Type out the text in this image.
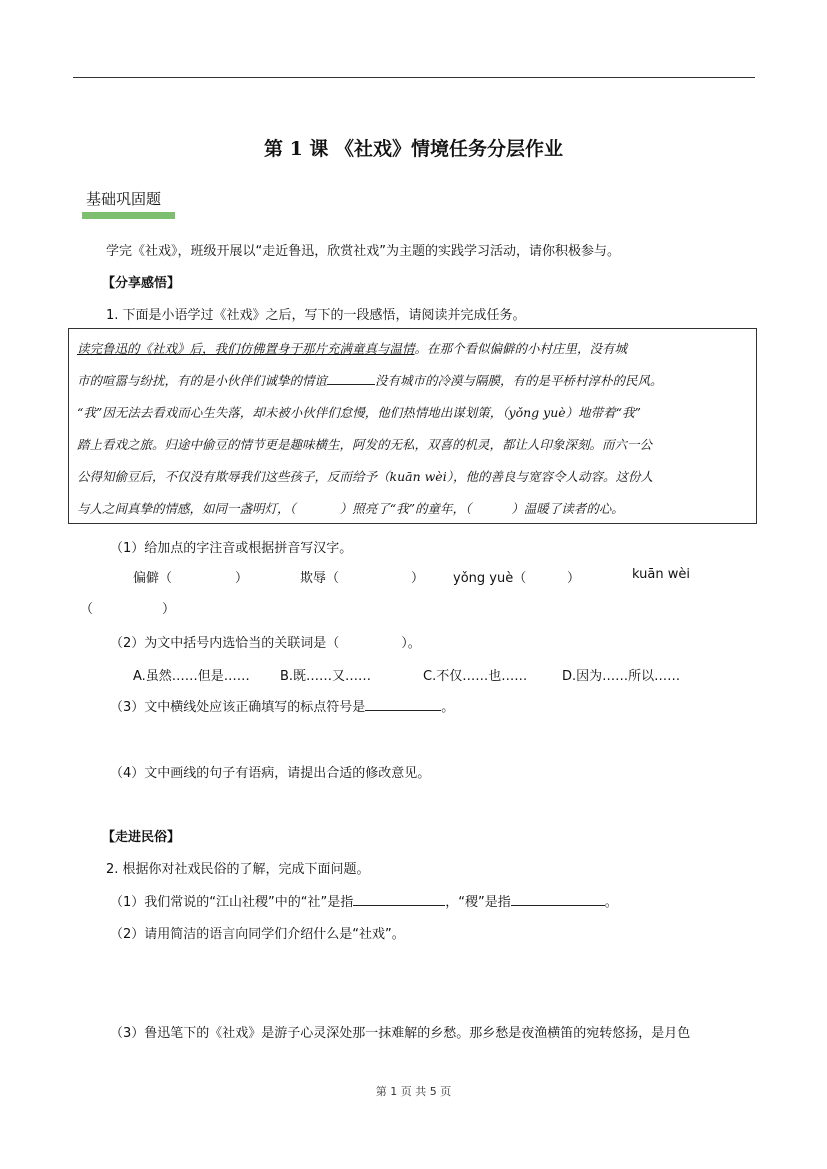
第 1 课 《社戏》情境任务分层作业
基础巩固题
学完《社戏》，班级开展以“走近鲁迅，欣赏社戏”为主题的实践学习活动，请你积极参与。
【分享感悟】
1. 下面是小语学过《社戏》之后，写下的一段感悟，请阅读并完成任务。
读完鲁迅的《社戏》后，我们仿佛置身于那片充满童真与温情。在那个看似偏僻的小村庄里，没有城
市的喧嚣与纷扰，有的是小伙伴们诚挚的情谊	没有城市的冷漠与隔膜，有的是平桥村淳朴的民风。
“我”因无法去看戏而心生失落，却未被小伙伴们怠慢，他们热情地出谋划策，（yǒng yuè）地带着“我”
踏上看戏之旅。归途中偷豆的情节更是趣味横生，阿发的无私，双喜的机灵，都让人印象深刻。而六一公
公得知偷豆后，不仅没有欺辱我们这些孩子，反而给予（kuān wèi），他的善良与宽容令人动容。这份人
与人之间真挚的情感，如同一盏明灯，（	）照亮了“我”的童年，（	）温暖了读者的心。
（1）给加点的字注音或根据拼音写汉字。
偏僻（	）	欺辱（	） yǒng yuè（	）	kuān wèi
（	）
（2）为文中括号内选恰当的关联词是（	）。
A.虽然……但是…… B.既……又……	C.不仅……也……	D.因为……所以……
（3）文中横线处应该正确填写的标点符号是	。
（4）文中画线的句子有语病，请提出合适的修改意见。
【走进民俗】
2. 根据你对社戏民俗的了解，完成下面问题。
（1）我们常说的“江山社稷”中的“社”是指	，“稷”是指	。
（2）请用简洁的语言向同学们介绍什么是“社戏”。
（3）鲁迅笔下的《社戏》是游子心灵深处那一抹难解的乡愁。那乡愁是夜渔横笛的宛转悠扬，是月色
第 1 页 共 5 页
